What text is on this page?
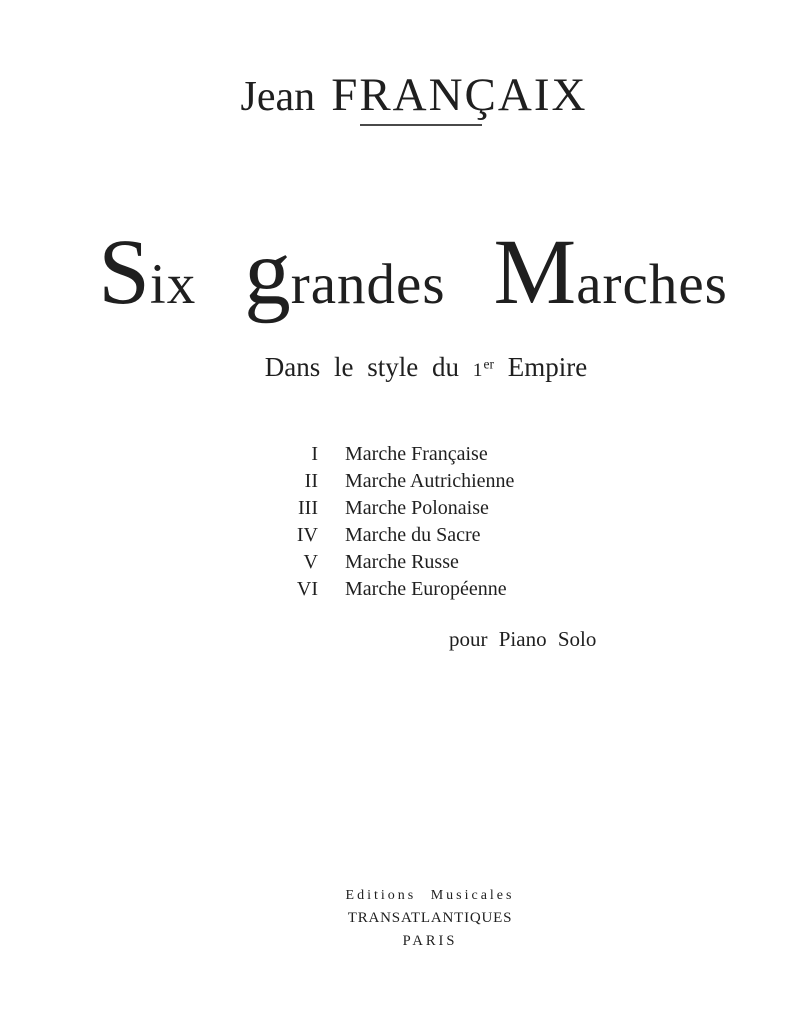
Jean FRANÇAIX
Six grandes Marches
Dans le style du 1er Empire
I Marche Française
II Marche Autrichienne
III Marche Polonaise
IV Marche du Sacre
V Marche Russe
VI Marche Européenne
pour Piano Solo
Editions Musicales
TRANSATLANTIQUES
PARIS
